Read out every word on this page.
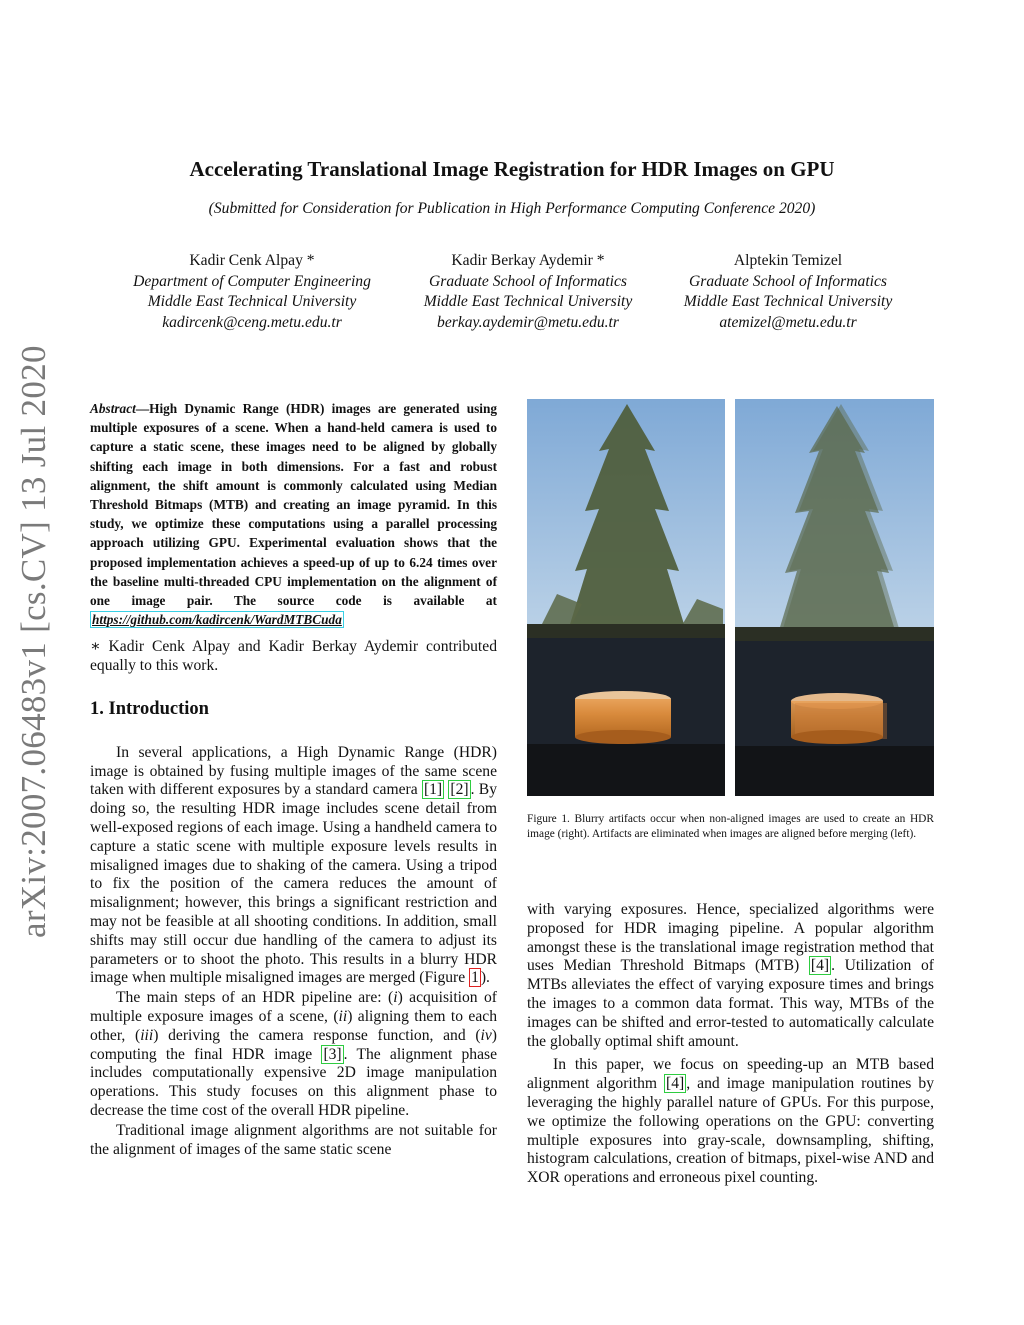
arXiv:2007.06483v1 [cs.CV] 13 Jul 2020
Accelerating Translational Image Registration for HDR Images on GPU
(Submitted for Consideration for Publication in High Performance Computing Conference 2020)
Kadir Cenk Alpay *
Department of Computer Engineering
Middle East Technical University
kadircenk@ceng.metu.edu.tr
Kadir Berkay Aydemir *
Graduate School of Informatics
Middle East Technical University
berkay.aydemir@metu.edu.tr
Alptekin Temizel
Graduate School of Informatics
Middle East Technical University
atemizel@metu.edu.tr
Abstract—High Dynamic Range (HDR) images are generated using multiple exposures of a scene. When a hand-held camera is used to capture a static scene, these images need to be aligned by globally shifting each image in both dimensions. For a fast and robust alignment, the shift amount is commonly calculated using Median Threshold Bitmaps (MTB) and creating an image pyramid. In this study, we optimize these computations using a parallel processing approach utilizing GPU. Experimental evaluation shows that the proposed implementation achieves a speed-up of up to 6.24 times over the baseline multi-threaded CPU implementation on the alignment of one image pair. The source code is available at https://github.com/kadircenk/WardMTBCuda
∗ Kadir Cenk Alpay and Kadir Berkay Aydemir contributed equally to this work.
1. Introduction
In several applications, a High Dynamic Range (HDR) image is obtained by fusing multiple images of the same scene taken with different exposures by a standard camera [1] [2] . By doing so, the resulting HDR image includes scene detail from well-exposed regions of each image. Using a handheld camera to capture a static scene with multiple exposure levels results in misaligned images due to shaking of the camera. Using a tripod to fix the position of the camera reduces the amount of misalignment; however, this brings a significant restriction and may not be feasible at all shooting conditions. In addition, small shifts may still occur due handling of the camera to adjust its parameters or to shoot the photo. This results in a blurry HDR image when multiple misaligned images are merged (Figure 1 ).
The main steps of an HDR pipeline are: (i) acquisition of multiple exposure images of a scene, (ii) aligning them to each other, (iii) deriving the camera response function, and (iv) computing the final HDR image [3] . The alignment phase includes computationally expensive 2D image manipulation operations. This study focuses on this alignment phase to decrease the time cost of the overall HDR pipeline.
Traditional image alignment algorithms are not suitable for the alignment of images of the same static scene
Figure 1. Blurry artifacts occur when non-aligned images are used to create an HDR image (right). Artifacts are eliminated when images are aligned before merging (left).
with varying exposures. Hence, specialized algorithms were proposed for HDR imaging pipeline. A popular algorithm amongst these is the translational image registration method that uses Median Threshold Bitmaps (MTB) [4] . Utilization of MTBs alleviates the effect of varying exposure times and brings the images to a common data format. This way, MTBs of the images can be shifted and error-tested to automatically calculate the globally optimal shift amount.
In this paper, we focus on speeding-up an MTB based alignment algorithm [4] , and image manipulation routines by leveraging the highly parallel nature of GPUs. For this purpose, we optimize the following operations on the GPU: converting multiple exposures into gray-scale, downsampling, shifting, histogram calculations, creation of bitmaps, pixel-wise AND and XOR operations and erroneous pixel counting.
